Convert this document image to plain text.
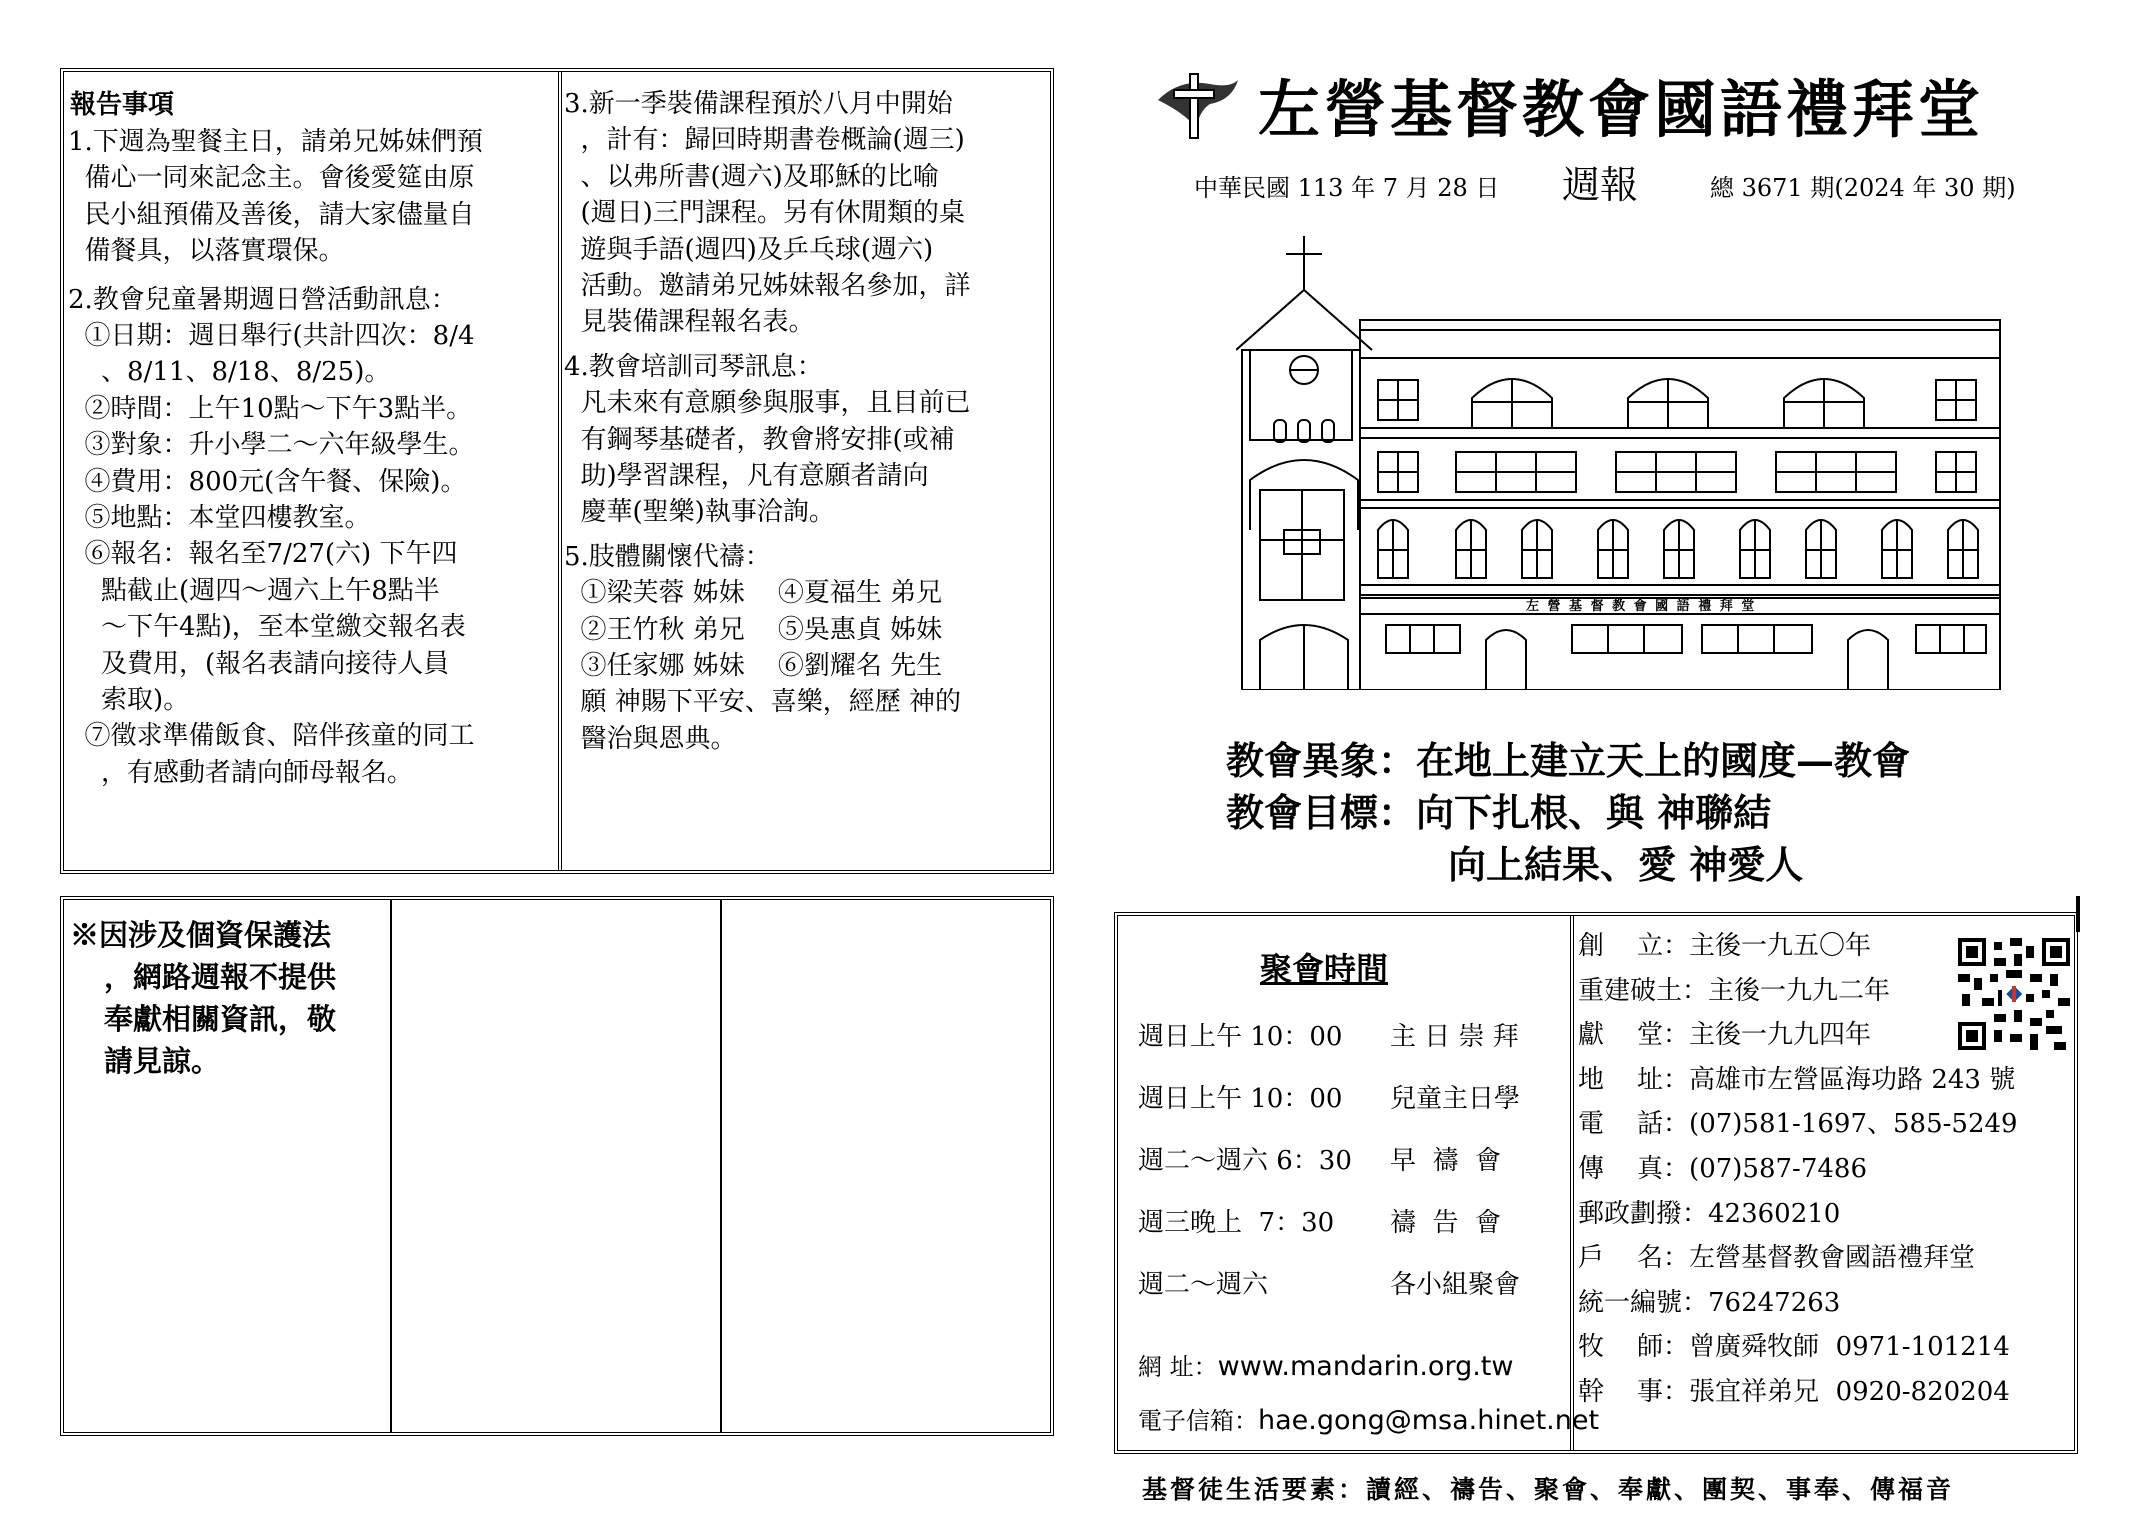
報告事項
1.下週為聖餐主日，請弟兄姊妹們預
備心一同來記念主。會後愛筵由原
民小組預備及善後，請大家儘量自
備餐具，以落實環保。
2.教會兒童暑期週日營活動訊息：
①日期：週日舉行(共計四次：8/4
、8/11、8/18、8/25)。
②時間：上午10點～下午3點半。
③對象：升小學二～六年級學生。
④費用：800元(含午餐、保險)。
⑤地點：本堂四樓教室。
⑥報名：報名至7/27(六) 下午四
點截止(週四～週六上午8點半
～下午4點)，至本堂繳交報名表
及費用，(報名表請向接待人員
索取)。
⑦徵求準備飯食、陪伴孩童的同工
，有感動者請向師母報名。
3.新一季裝備課程預於八月中開始
，計有：歸回時期書卷概論(週三)
、以弗所書(週六)及耶穌的比喻
(週日)三門課程。另有休閒類的桌
遊與手語(週四)及乒乓球(週六)
活動。邀請弟兄姊妹報名參加，詳
見裝備課程報名表。
4.教會培訓司琴訊息：
凡未來有意願參與服事，且目前已
有鋼琴基礎者，教會將安排(或補
助)學習課程，凡有意願者請向
慶華(聖樂)執事洽詢。
5.肢體關懷代禱：
①梁芙蓉 姊妹    ④夏福生 弟兄
②王竹秋 弟兄    ⑤吳惠貞 姊妹
③任家娜 姊妹    ⑥劉耀名 先生
願 神賜下平安、喜樂，經歷 神的
醫治與恩典。
※因涉及個資保護法
，網路週報不提供
奉獻相關資訊，敬
請見諒。
左營基督教會國語禮拜堂
中華民國 113 年 7 月 28 日 週報	總 3671 期(2024 年 30 期)
左 營 基 督 教 會 國 語 禮 拜 堂
教會異象：在地上建立天上的國度—教會
教會目標：向下扎根、與 神聯結
向上結果、愛 神愛人
聚會時間
週日上午 10：00 主 日 崇 拜
週日上午 10：00 兒童主日學
週二～週六 6：30 早  禱  會
週三晚上  7：30 禱  告  會
週二～週六	各小組聚會
網 址：www.mandarin.org.tw
電子信箱：hae.gong@msa.hinet.net
創    立：主後一九五〇年
重建破土：主後一九九二年
獻    堂：主後一九九四年
地    址：高雄市左營區海功路 243 號
電    話：(07)581-1697、585-5249
傳    真：(07)587-7486
郵政劃撥：42360210
戶    名：左營基督教會國語禮拜堂
統一編號：76247263
牧    師：曾廣舜牧師  0971-101214
幹    事：張宜祥弟兄  0920-820204
基督徒生活要素：讀經、禱告、聚會、奉獻、團契、事奉、傳福音
